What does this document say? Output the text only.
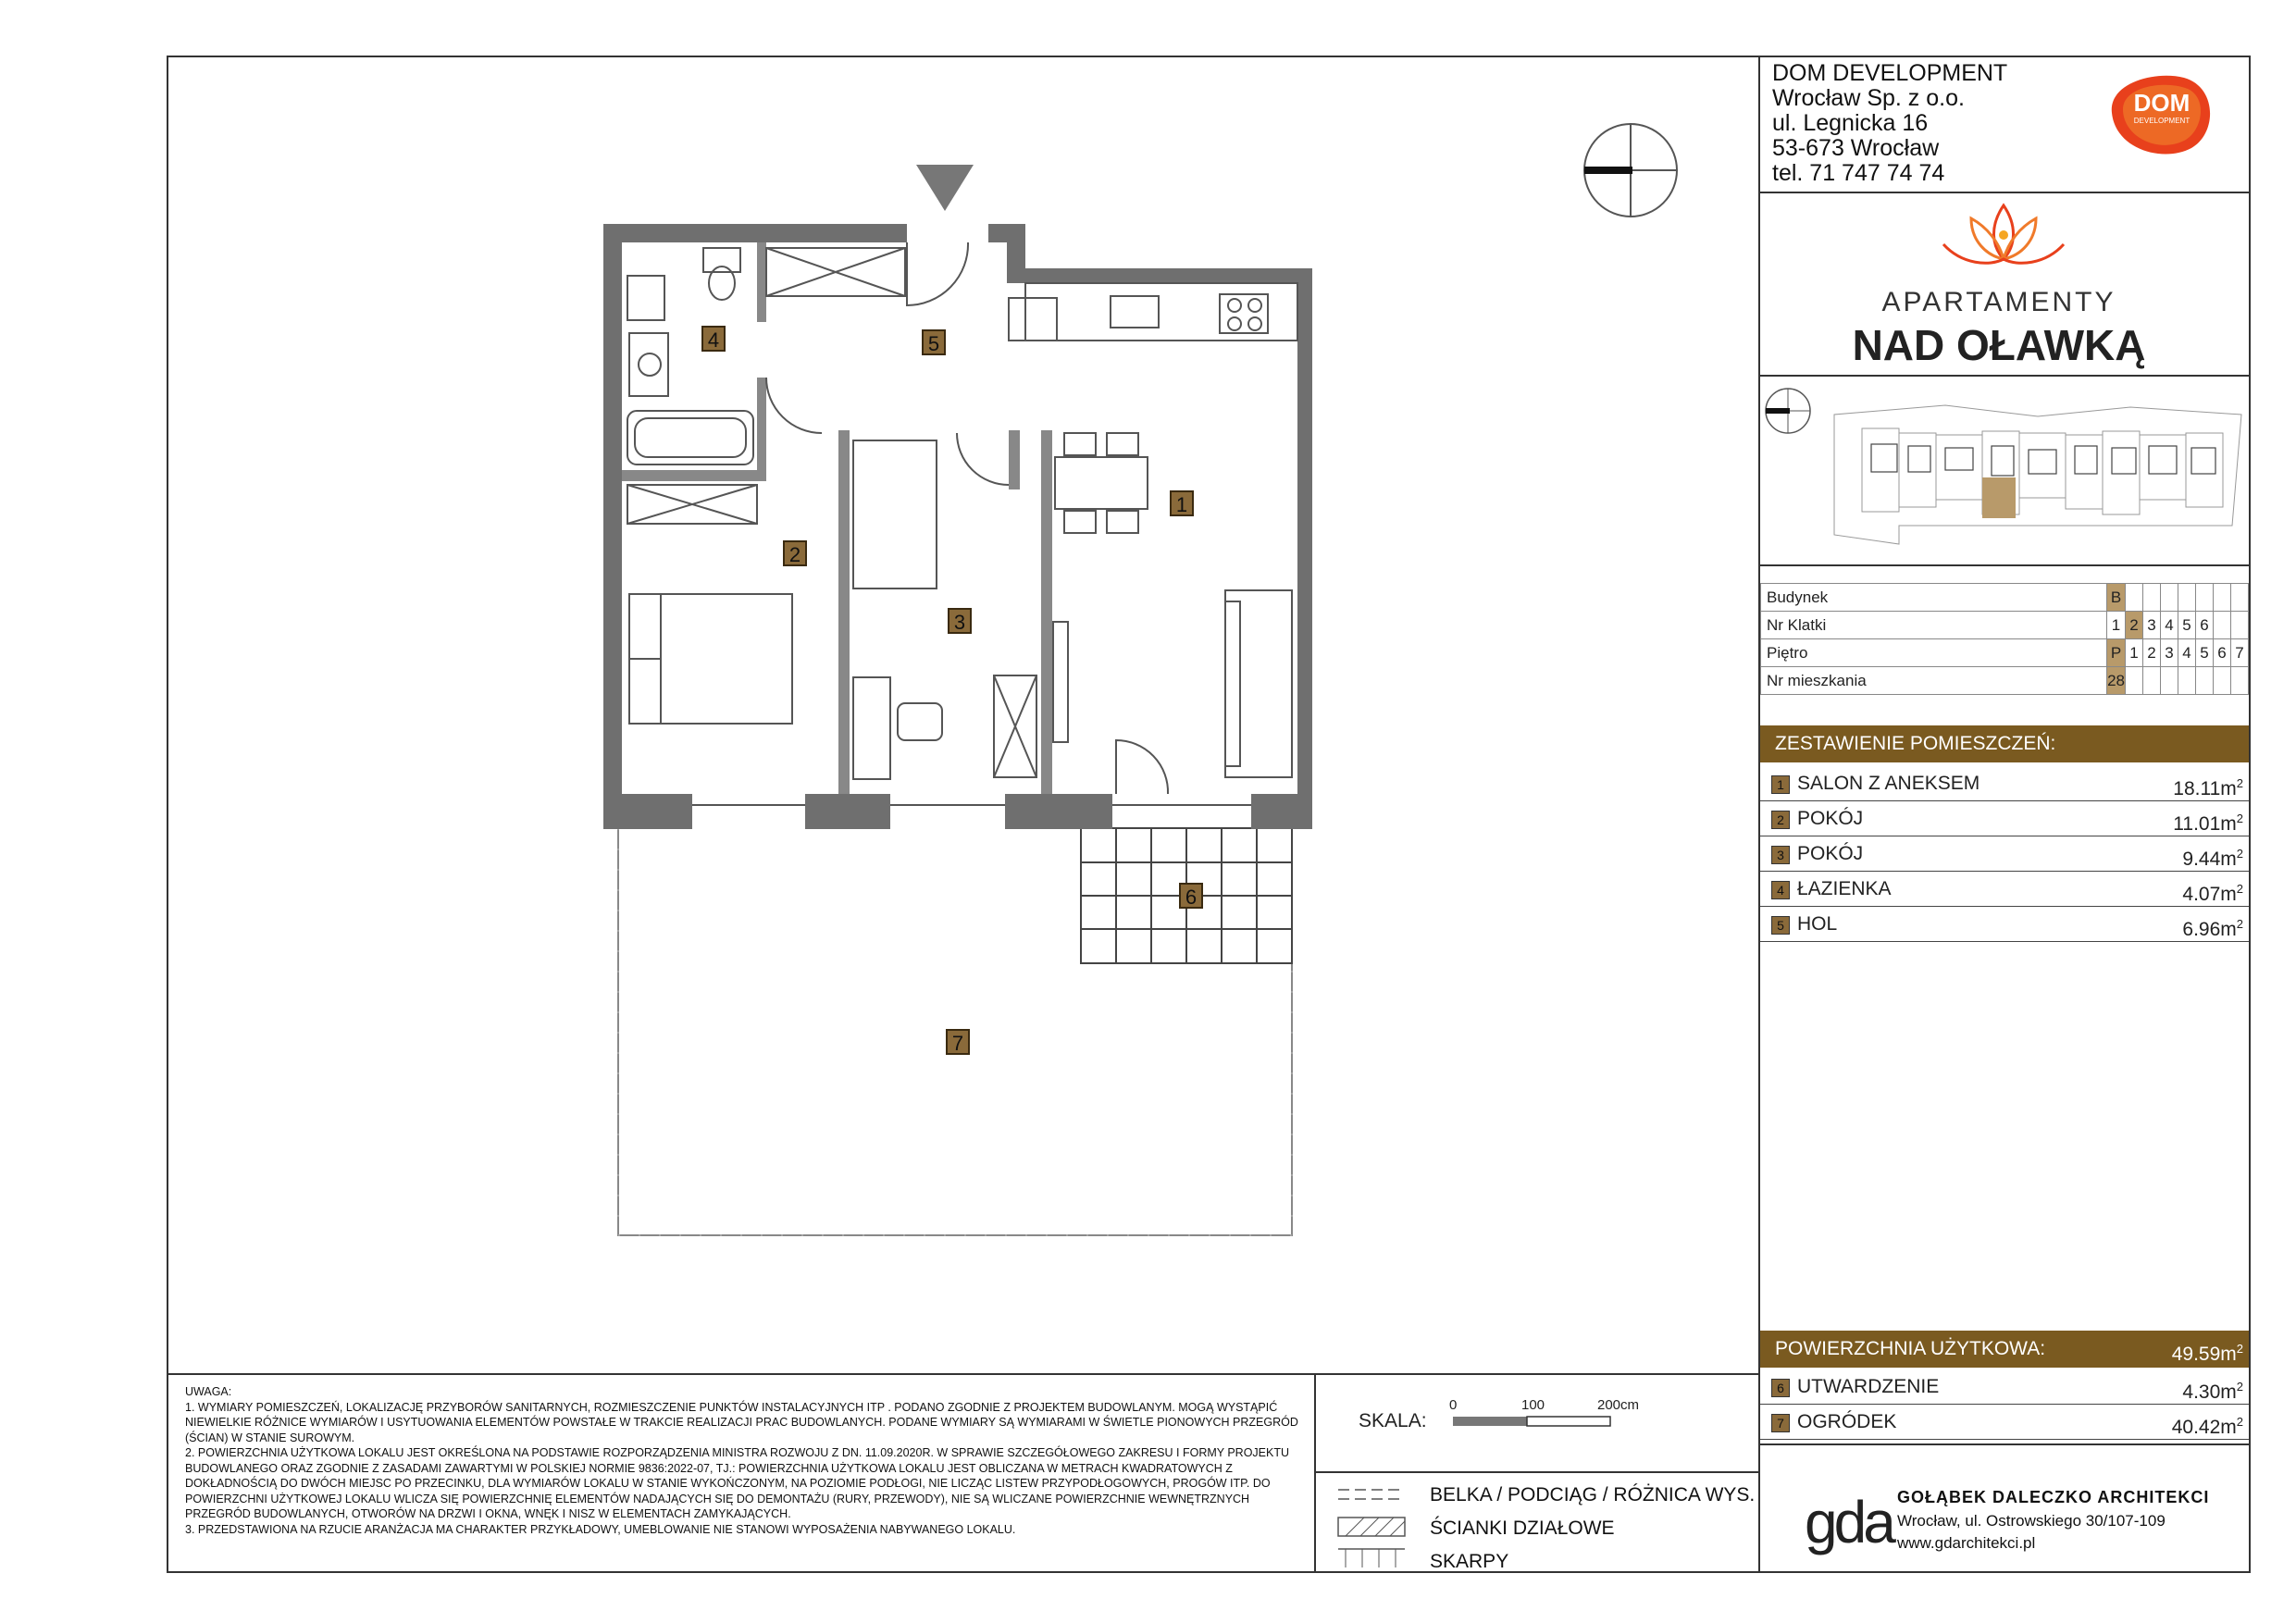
1
2
3
4	5
6
7
DOM DEVELOPMENT
Wrocław Sp. z o.o.
ul. Legnicka 16
53-673 Wrocław
tel. 71 747 74 74
DOM
DEVELOPMENT
APARTAMENTY
NAD OŁAWKĄ
Budynek	B							
Nr Klatki	1	2	3	4	5	6		
Piętro	P	1	2	3	4	5	6	7
Nr mieszkania	28							
ZESTAWIENIE POMIESZCZEŃ:
1 SALON Z ANEKSEM	$18.11m^2$
2 POKÓJ	$11.01m^2$
3 POKÓJ	$9.44m^2$
4 ŁAZIENKA	$4.07m^2$
5 HOL	$6.96m^2$
POWIERZCHNIA UŻYTKOWA:	$49.59m^2$
6 UTWARDZENIE	$4.30m^2$
7 OGRÓDEK	$40.42m^2$
UWAGA:
1. WYMIARY POMIESZCZEŃ, LOKALIZACJĘ PRZYBORÓW SANITARNYCH, ROZMIESZCZENIE PUNKTÓW INSTALACYJNYCH ITP . PODANO ZGODNIE Z PROJEKTEM BUDOWLANYM. MOGĄ WYSTĄPIĆ NIEWIELKIE RÓŻNICE WYMIARÓW I USYTUOWANIA ELEMENTÓW POWSTAŁE W TRAKCIE REALIZACJI PRAC BUDOWLANYCH. PODANE WYMIARY SĄ WYMIARAMI W ŚWIETLE PIONOWYCH PRZEGRÓD (ŚCIAN) W STANIE SUROWYM.
2. POWIERZCHNIA UŻYTKOWA LOKALU JEST OKREŚLONA NA PODSTAWIE ROZPORZĄDZENIA MINISTRA ROZWOJU Z DN. 11.09.2020R. W SPRAWIE SZCZEGÓŁOWEGO ZAKRESU I FORMY PROJEKTU BUDOWLANEGO ORAZ ZGODNIE Z ZASADAMI ZAWARTYMI W POLSKIEJ NORMIE 9836:2022-07, TJ.: POWIERZCHNIA UŻYTKOWA LOKALU JEST OBLICZANA W METRACH KWADRATOWYCH Z DOKŁADNOŚCIĄ DO DWÓCH MIEJSC PO PRZECINKU, DLA WYMIARÓW LOKALU W STANIE WYKOŃCZONYM, NA POZIOMIE PODŁOGI, NIE LICZĄC LISTEW PRZYPODŁOGOWYCH, PROGÓW ITP. DO POWIERZCHNI UŻYTKOWEJ LOKALU WLICZA SIĘ POWIERZCHNIĘ ELEMENTÓW NADAJĄCYCH SIĘ DO DEMONTAŻU (RURY, PRZEWODY), NIE SĄ WLICZANE POWIERZCHNIE WEWNĘTRZNYCH PRZEGRÓD BUDOWLANYCH, OTWORÓW NA DRZWI I OKNA, WNĘK I NISZ W ELEMENTACH ZAMYKAJĄCYCH.
3. PRZEDSTAWIONA NA RZUCIE ARANŻACJA MA CHARAKTER PRZYKŁADOWY, UMEBLOWANIE NIE STANOWI WYPOSAŻENIA NABYWANEGO LOKALU.
SKALA:
0	100	200cm
BELKA / PODCIĄG / RÓŻNICA WYS.
ŚCIANKI DZIAŁOWE
SKARPY
gda GOŁĄBEK DALECZKO ARCHITEKCI
Wrocław, ul. Ostrowskiego 30/107-109
www.gdarchitekci.pl
